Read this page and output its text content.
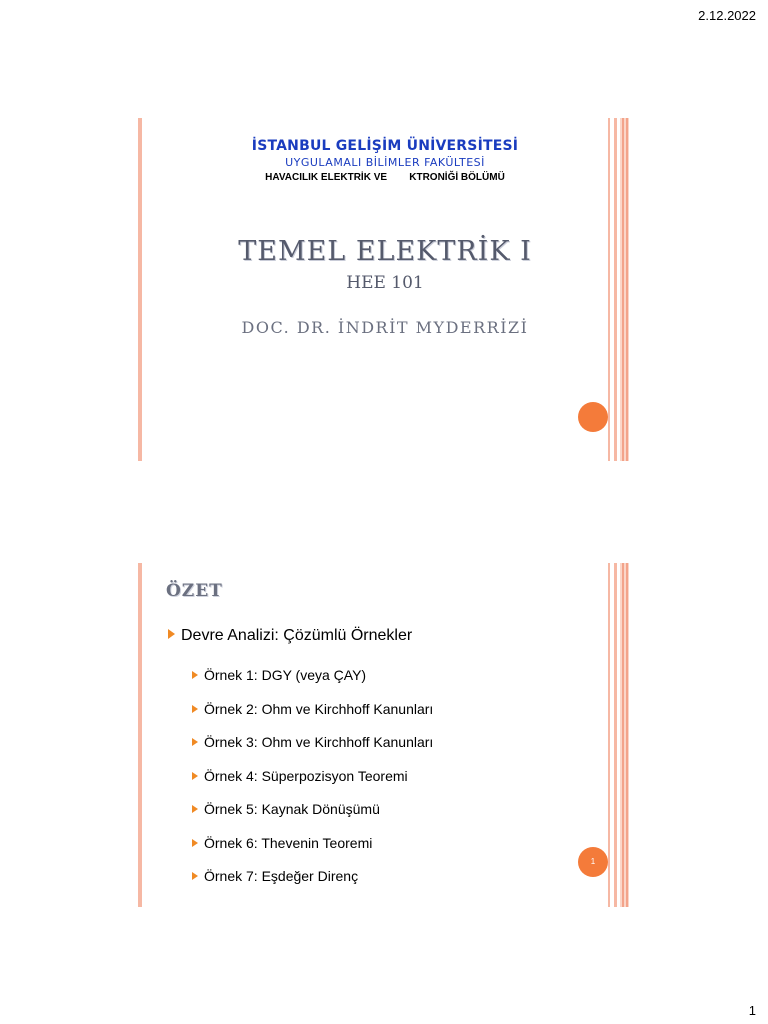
2.12.2022
İSTANBUL GELİŞİM ÜNİVERSİTESİ
UYGULAMALI BİLİMLER FAKÜLTESİ
HAVACILIK ELEKTRİK VE        KTRONİĞİ BÖLÜMÜ
TEMEL ELEKTRİK I
HEE 101
DOC. DR. İNDRİT MYDERRİZİ
ÖZET
Devre Analizi: Çözümlü Örnekler
Örnek 1: DGY (veya ÇAY)
Örnek 2: Ohm ve Kirchhoff Kanunları
Örnek 3: Ohm ve Kirchhoff Kanunları
Örnek 4: Süperpozisyon Teoremi
Örnek 5: Kaynak Dönüşümü
Örnek 6: Thevenin Teoremi
Örnek 7: Eşdeğer Direnç
1
1
